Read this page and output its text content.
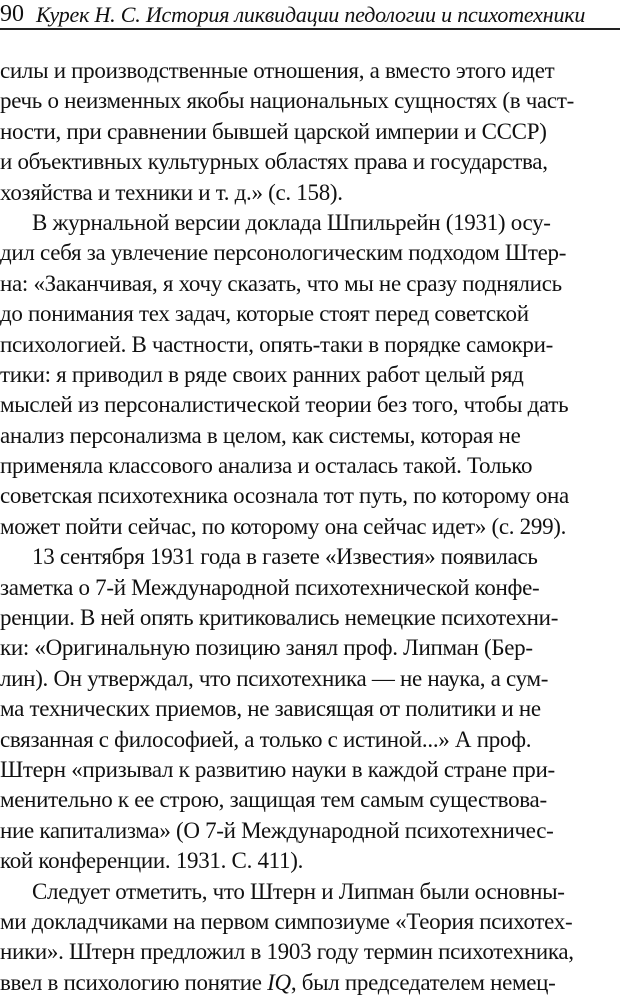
90 Курек Н. С. История ликвидации педологии и психотехники
силы и производственные отношения, а вместо этого идет
речь о неизменных якобы национальных сущностях (в част-
ности, при сравнении бывшей царской империи и СССР)
и объективных культурных областях права и государства,
хозяйства и техники и т. д.» (с. 158).
В журнальной версии доклада Шпильрейн (1931) осу-
дил себя за увлечение персонологическим подходом Штер-
на: «Заканчивая, я хочу сказать, что мы не сразу поднялись
до понимания тех задач, которые стоят перед советской
психологией. В частности, опять-таки в порядке самокри-
тики: я приводил в ряде своих ранних работ целый ряд
мыслей из персоналистической теории без того, чтобы дать
анализ персонализма в целом, как системы, которая не
применяла классового анализа и осталась такой. Только
советская психотехника осознала тот путь, по которому она
может пойти сейчас, по которому она сейчас идет» (с. 299).
13 сентября 1931 года в газете «Известия» появилась
заметка о 7-й Международной психотехнической конфе-
ренции. В ней опять критиковались немецкие психотехни-
ки: «Оригинальную позицию занял проф. Липман (Бер-
лин). Он утверждал, что психотехника — не наука, а сум-
ма технических приемов, не зависящая от политики и не
связанная с философией, а только с истиной...» А проф.
Штерн «призывал к развитию науки в каждой стране при-
менительно к ее строю, защищая тем самым существова-
ние капитализма» (О 7-й Международной психотехничес-
кой конференции. 1931. С. 411).
Следует отметить, что Штерн и Липман были основны-
ми докладчиками на первом симпозиуме «Теория психотех-
ники». Штерн предложил в 1903 году термин психотехника,
ввел в психологию понятие IQ, был председателем немец-
